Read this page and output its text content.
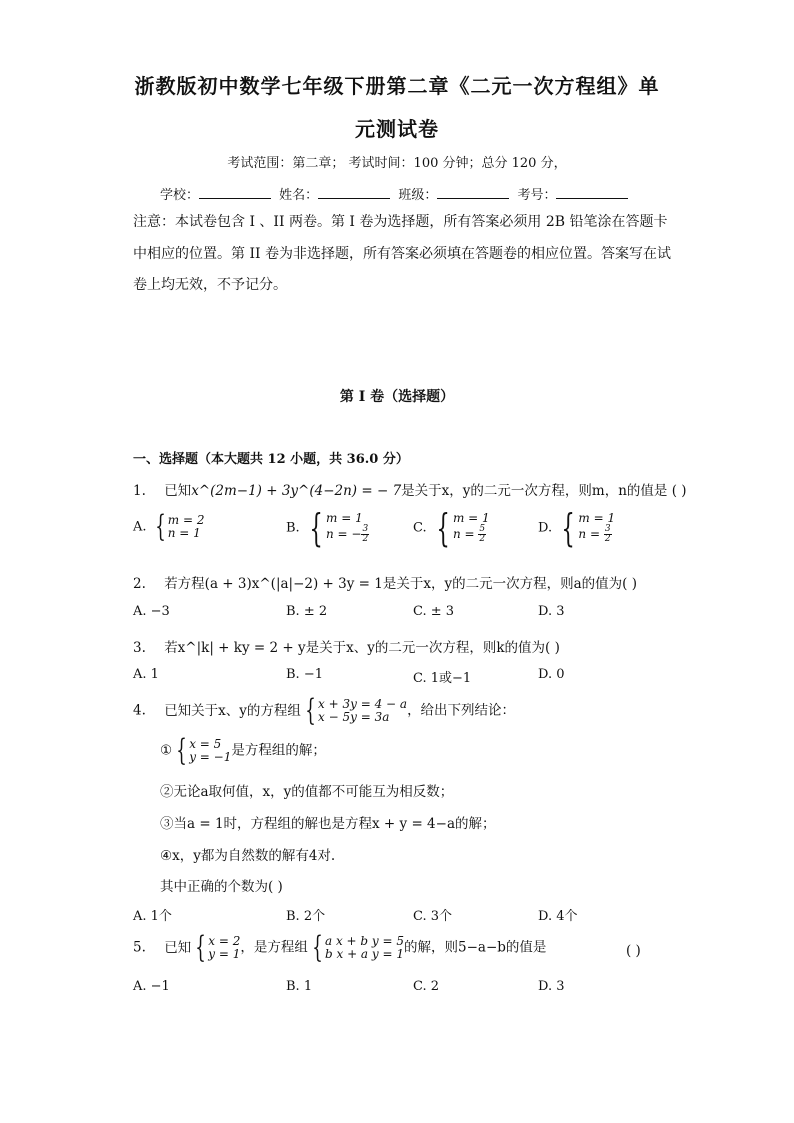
浙教版初中数学七年级下册第二章《二元一次方程组》单
元测试卷
考试范围：第二章； 考试时间：100 分钟；总分 120 分，
学校：	姓名：	班级：	考号：
注意：本试卷包含 I 、II 两卷。第 I 卷为选择题，所有答案必须用 2B 铅笔涂在答题卡
中相应的位置。第 II 卷为非选择题，所有答案必须填在答题卷的相应位置。答案写在试
卷上均无效，不予记分。
第 I 卷（选择题）
一、选择题（本大题共 12 小题，共 36.0 分）
1. 已知x^(2m−1) + 3y^(4−2n) = − 7是关于x，y的二元一次方程，则m，n的值是 ( )
A. { m = 2
n = 1	B. { m = 1
n = − $\frac{3}{2}$	C. { m = 1
$n = \frac{5}{2}$	D. { m = 1
$n = \frac{3}{2}$
2. 若方程(a + 3)x^(|a|−2) + 3y = 1是关于x，y的二元一次方程，则a的值为( )
A. −3	B. ± 2	C. ± 3	D. 3
3. 若x^|k| + ky = 2 + y是关于x、y的二元一次方程，则k的值为( )
A. 1	B. −1	C. 1或−1	D. 0
4. 已知关于x、y的方程组 { x + 3y = 4 − a
x − 5y = 3a ，给出下列结论：
① { x = 5
y = −1是方程组的解；
②无论a取何值，x，y的值都不可能互为相反数；
③当a = 1时，方程组的解也是方程x + y = 4−a的解；
④x，y都为自然数的解有4对.
其中正确的个数为( )
A. 1个	B. 2个	C. 3个	D. 4个
5. 已知 { x = 2
y = 1，是方程组 { a x + b y = 5
b x + a y = 1的解，则5−a−b的值是	( )
A. −1	B. 1	C. 2	D. 3
